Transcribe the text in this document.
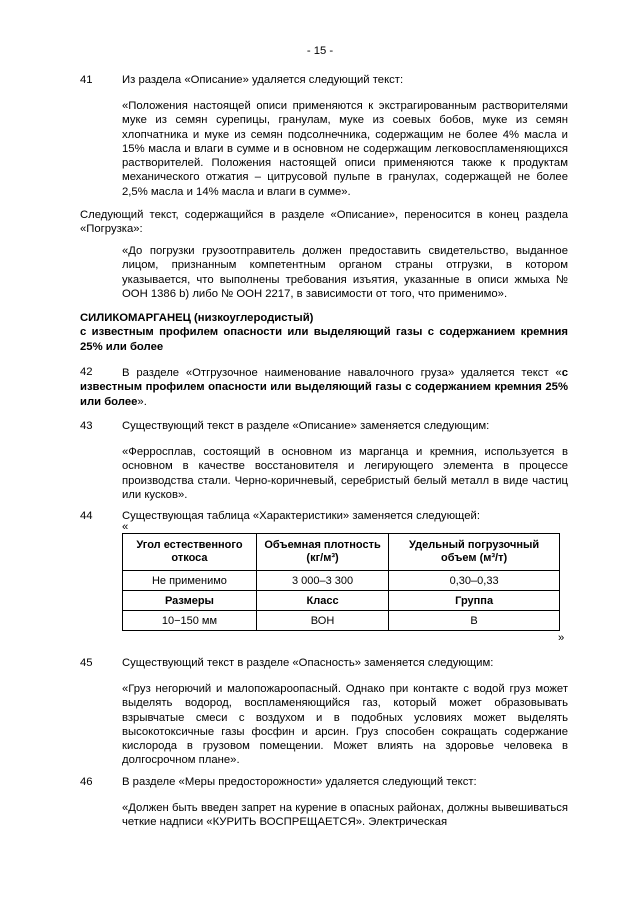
- 15 -
41	Из раздела «Описание» удаляется следующий текст:
«Положения настоящей описи применяются к экстрагированным растворителями муке из семян сурепицы, гранулам, муке из соевых бобов, муке из семян хлопчатника и муке из семян подсолнечника, содержащим не более 4% масла и 15% масла и влаги в сумме и в основном не содержащим легковоспламеняющихся растворителей. Положения настоящей описи применяются также к продуктам механического отжатия – цитрусовой пульпе в гранулах, содержащей не более 2,5% масла и 14% масла и влаги в сумме».
Следующий текст, содержащийся в разделе «Описание», переносится в конец раздела «Погрузка»:
«До погрузки грузоотправитель должен предоставить свидетельство, выданное лицом, признанным компетентным органом страны отгрузки, в котором указывается, что выполнены требования изъятия, указанные в описи жмыха № ООН 1386 b) либо № ООН 2217, в зависимости от того, что применимо».
СИЛИКОМАРГАНЕЦ (низкоуглеродистый)
с известным профилем опасности или выделяющий газы с содержанием кремния 25% или более
42	В разделе «Отгрузочное наименование навалочного груза» удаляется текст «с известным профилем опасности или выделяющий газы с содержанием кремния 25% или более».
43	Существующий текст в разделе «Описание» заменяется следующим:
«Ферросплав, состоящий в основном из марганца и кремния, используется в основном в качестве восстановителя и легирующего элемента в процессе производства стали. Черно-коричневый, серебристый белый металл в виде частиц или кусков».
44	Существующая таблица «Характеристики» заменяется следующей:
«
Угол естественного откоса	Объемная плотность (кг/м³)	Удельный погрузочный объем (м³/т)
Не применимо	3 000–3 300	0,30–0,33
Размеры	Класс	Группа
10−150 мм	ВОН	B
»
45	Существующий текст в разделе «Опасность» заменяется следующим:
«Груз негорючий и малопожароопасный. Однако при контакте с водой груз может выделять водород, воспламеняющийся газ, который может образовывать взрывчатые смеси с воздухом и в подобных условиях может выделять высокотоксичные газы фосфин и арсин. Груз способен сокращать содержание кислорода в грузовом помещении. Может влиять на здоровье человека в долгосрочном плане».
46	В разделе «Меры предосторожности» удаляется следующий текст:
«Должен быть введен запрет на курение в опасных районах, должны вывешиваться четкие надписи «КУРИТЬ ВОСПРЕЩАЕТСЯ». Электрическая
